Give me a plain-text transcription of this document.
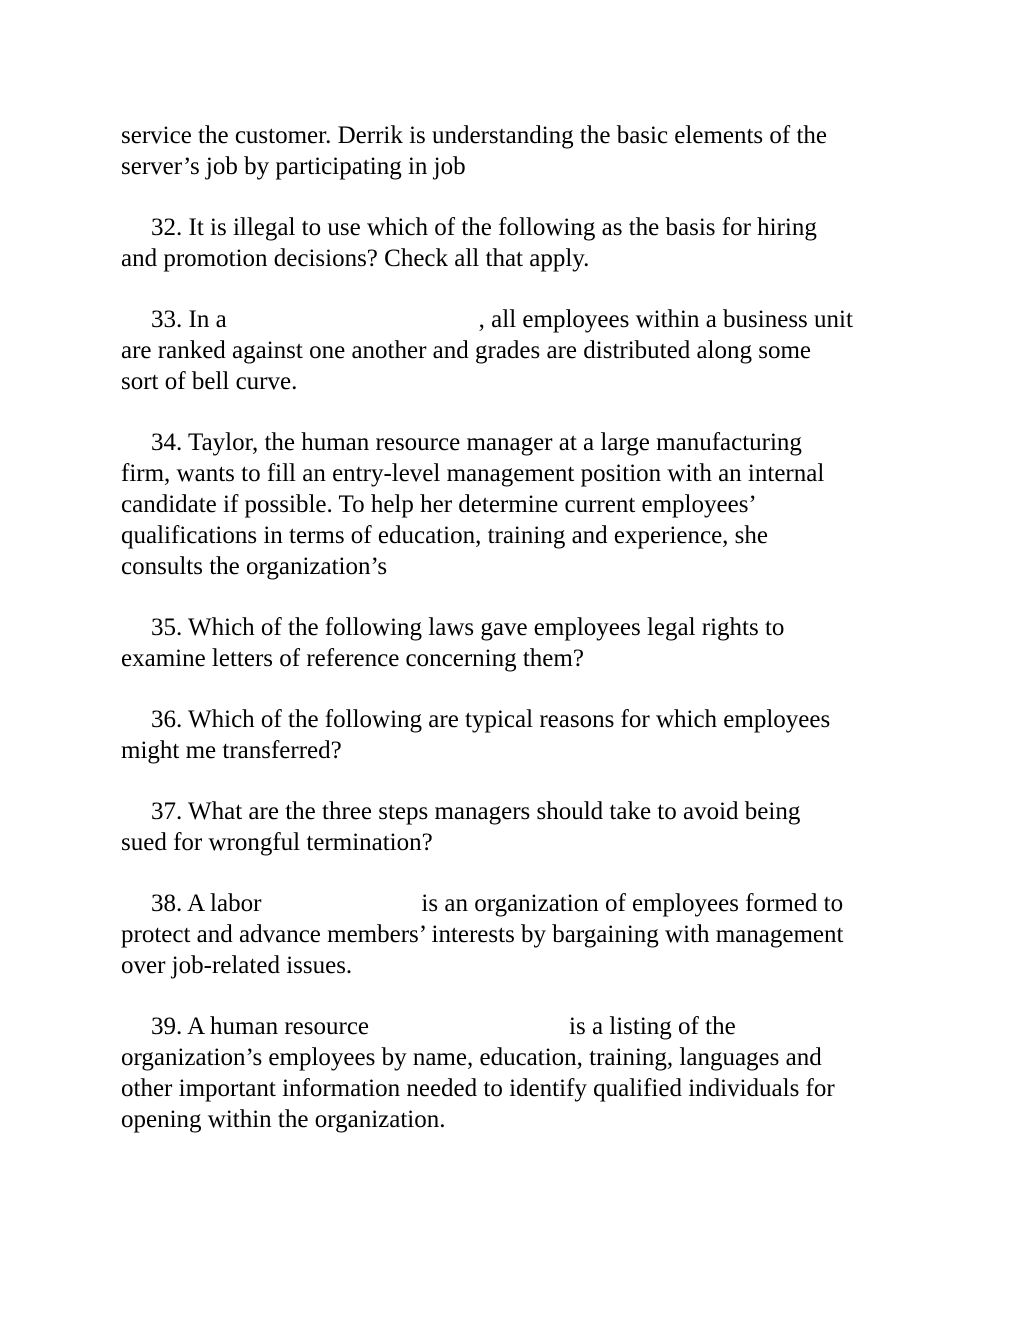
service the customer. Derrik is understanding the basic elements of the
server’s job by participating in job
32. It is illegal to use which of the following as the basis for hiring
and promotion decisions? Check all that apply.
33. In a	, all employees within a business unit
are ranked against one another and grades are distributed along some
sort of bell curve.
34. Taylor, the human resource manager at a large manufacturing
firm, wants to fill an entry-level management position with an internal
candidate if possible. To help her determine current employees’
qualifications in terms of education, training and experience, she
consults the organization’s
35. Which of the following laws gave employees legal rights to
examine letters of reference concerning them?
36. Which of the following are typical reasons for which employees
might me transferred?
37. What are the three steps managers should take to avoid being
sued for wrongful termination?
38. A labor	is an organization of employees formed to
protect and advance members’ interests by bargaining with management
over job-related issues.
39. A human resource	is a listing of the
organization’s employees by name, education, training, languages and
other important information needed to identify qualified individuals for
opening within the organization.
